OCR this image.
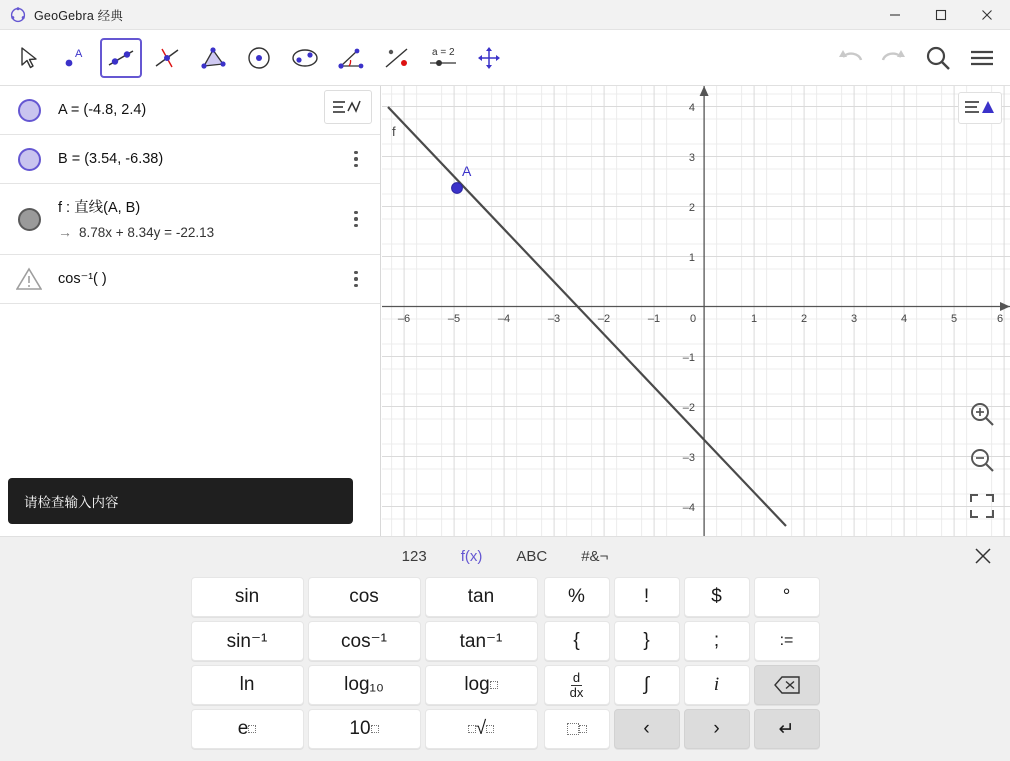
GeoGebra 经典
A	a = 2
A = (-4.8, 2.4)
B = (3.54, -6.38)
f : 直线(A, B)
→ 8.78x + 8.34y = -22.13
cos⁻¹( )
–6	–5	–4	–3	–2	–1	0	1	2	3	4	5	6
4
3
2
1
–1
–2
–3
–4
f
A
请检查输入内容
123 f(x) ABC #&¬
sin	cos	tan
sin⁻¹	cos⁻¹	tan⁻¹
ln	log₁₀	log
e	10	√
%	!	$	°
{	}	;	:=
$\frac{d}{dx}$	∫	i
‹	›	↵
